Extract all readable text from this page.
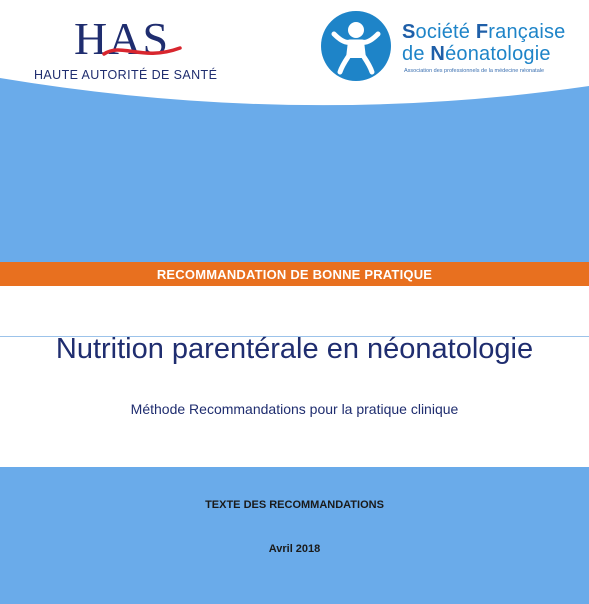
HAS
HAUTE AUTORITÉ DE SANTÉ
Société Française
de Néonatologie
Association des professionnels de la médecine néonatale
RECOMMANDATION DE BONNE PRATIQUE
Nutrition parentérale en néonatologie
Méthode Recommandations pour la pratique clinique
TEXTE DES RECOMMANDATIONS
Avril 2018
